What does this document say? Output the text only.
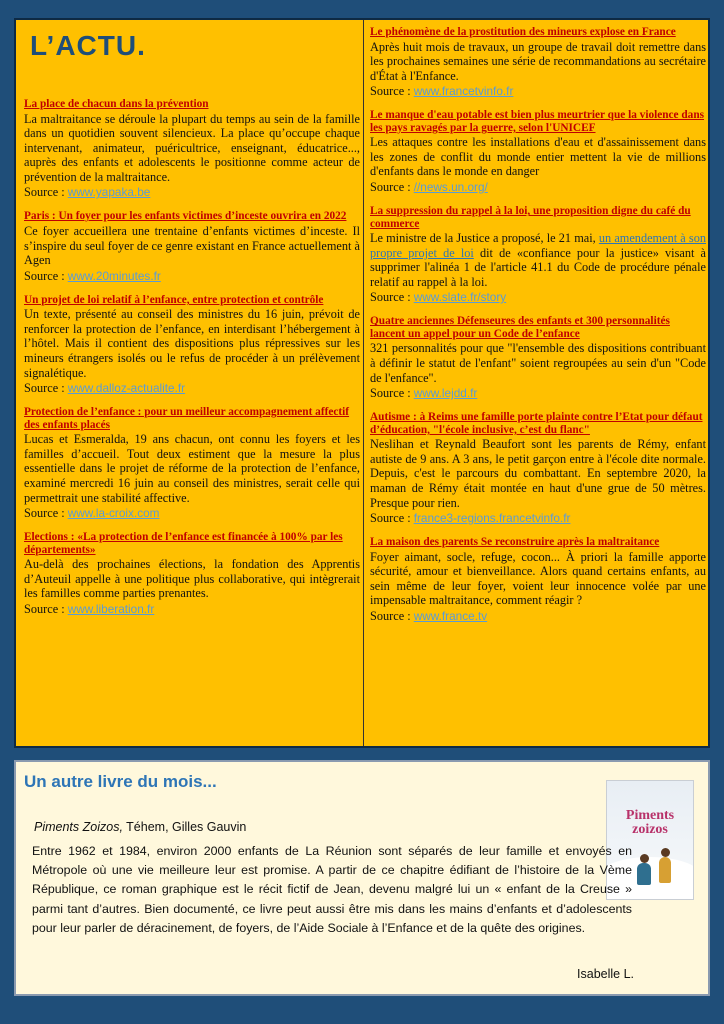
L’ACTU.

La place de chacun dans la prévention

La maltraitance se déroule la plupart du temps au sein de la famille dans un quotidien souvent silencieux. La place qu’occupe chaque intervenant, animateur, puéricultrice, enseignant, éducatrice..., auprès des enfants et adolescents le positionne comme acteur de prévention de la maltraitance.

Source : www.yapaka.be

Paris : Un foyer pour les enfants victimes d’inceste ouvrira en 2022

Ce foyer accueillera une trentaine d’enfants victimes d’inceste. Il s’inspire du seul foyer de ce genre existant en France actuellement à Agen

Source : www.20minutes.fr

Un projet de loi relatif à l’enfance, entre protection et contrôle

Un texte, présenté au conseil des ministres du 16 juin, prévoit de renforcer la protection de l’enfance, en interdisant l’hébergement à l’hôtel. Mais il contient des dispositions plus répressives sur les mineurs étrangers isolés ou le refus de procéder à un prélèvement signalétique.

Source : www.dalloz-actualite.fr

Protection de l’enfance : pour un meilleur accompagnement affectif des enfants placés

Lucas et Esmeralda, 19 ans chacun, ont connu les foyers et les familles d’accueil. Tout deux estiment que la mesure la plus essentielle dans le projet de réforme de la protection de l’enfance, examiné mercredi 16 juin au conseil des ministres, serait celle qui permettrait une stabilité affective.

Source : www.la-croix.com

Elections : «La protection de l’enfance est financée à 100% par les départements»

Au-delà des prochaines élections, la fondation des Apprentis d’Auteuil appelle à une politique plus collaborative, qui intègrerait les familles comme parties prenantes.

Source : www.liberation.fr

Le phénomène de la prostitution des mineurs explose en France

Après huit mois de travaux, un groupe de travail doit remettre dans les prochaines semaines une série de recommandations au secrétaire d'État à l'Enfance.

Source : www.francetvinfo.fr

Le manque d'eau potable est bien plus meurtrier que la violence dans les pays ravagés par la guerre, selon l'UNICEF

Les attaques contre les installations d'eau et d'assainissement dans les zones de conflit du monde entier mettent la vie de millions d'enfants dans le monde en danger

Source : //news.un.org/

La suppression du rappel à la loi, une proposition digne du café du commerce

Le ministre de la Justice a proposé, le 21 mai, un amendement à son propre projet de loi dit de «confiance pour la justice» visant à supprimer l'alinéa 1 de l'article 41.1 du Code de procédure pénale relatif au rappel à la loi.

Source : www.slate.fr/story

Quatre anciennes Défenseures des enfants et 300 personnalités lancent un appel pour un Code de l’enfance

321 personnalités pour que "l'ensemble des dispositions contribuant à définir le statut de l'enfant" soient regroupées au sein d'un "Code de l'enfance".

Source : www.lejdd.fr

Autisme : à Reims une famille porte plainte contre l’Etat pour défaut d’éducation, "l'école inclusive, c’est du flanc"

Neslihan et Reynald Beaufort sont les parents de Rémy, enfant autiste de 9 ans. A 3 ans, le petit garçon entre à l'école dite normale. Depuis, c'est le parcours du combattant. En septembre 2020, la maman de Rémy était montée en haut d'une grue de 50 mètres. Presque pour rien.

Source : france3-regions.francetvinfo.fr

La maison des parents Se reconstruire après la maltraitance

Foyer aimant, socle, refuge, cocon... À priori la famille apporte sécurité, amour et bienveillance. Alors quand certains enfants, au sein même de leur foyer, voient leur innocence volée par une impensable maltraitance, comment réagir ?

Source : www.france.tv

Un autre livre du mois...
Piments
zoizos

Piments Zoizos, Téhem, Gilles Gauvin

Entre 1962 et 1984, environ 2000 enfants de La Réunion sont séparés de leur famille et envoyés en Métropole où une vie meilleure leur est promise. A partir de ce chapitre édifiant de l’histoire de la Vème République, ce roman graphique est le récit fictif de Jean, devenu malgré lui un « enfant de la Creuse » parmi tant d’autres. Bien documenté, ce livre peut aussi être mis dans les mains d’enfants et d’adolescents pour leur parler de déracinement, de foyers, de l’Aide Sociale à l’Enfance et de la quête des origines.

Isabelle L.
